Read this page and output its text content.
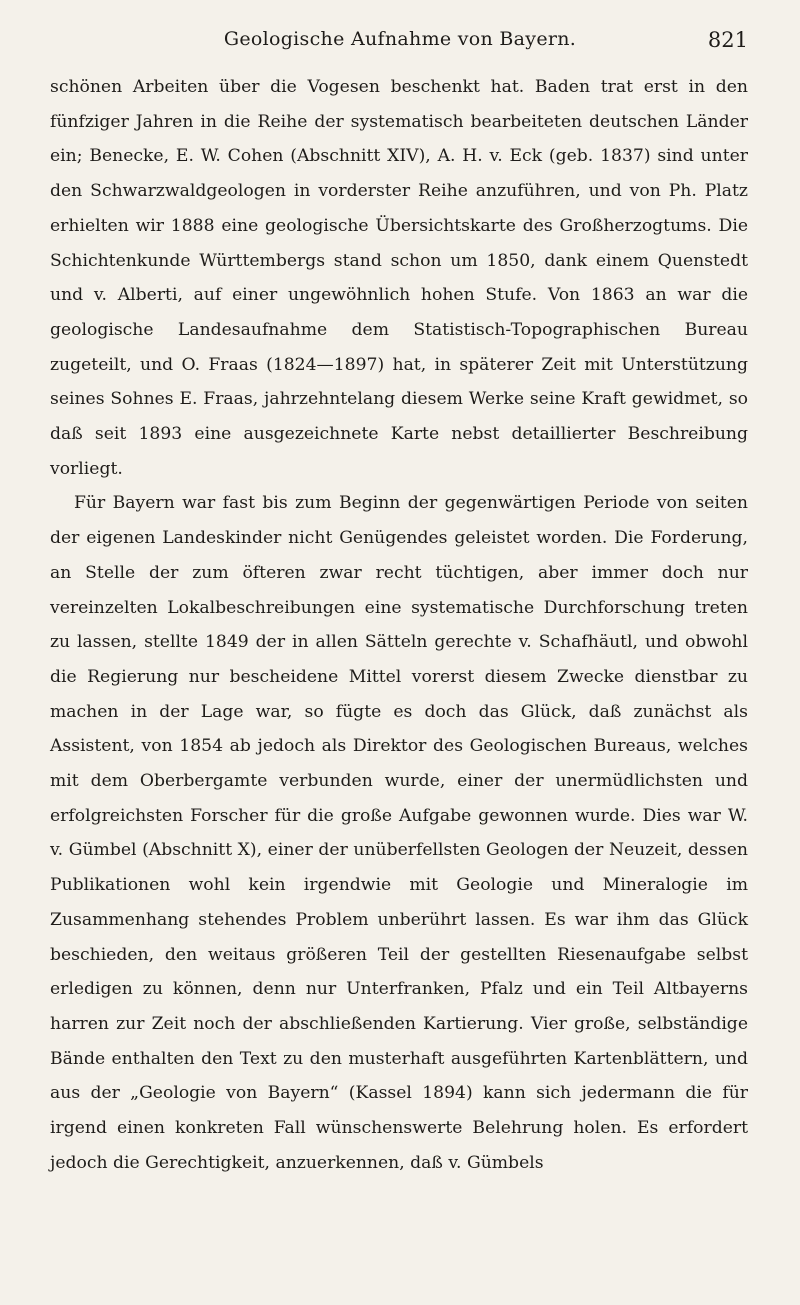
Geologische Aufnahme von Bayern.	821

schönen Arbeiten über die Vogesen beschenkt hat. Baden trat erst in den fünfziger Jahren in die Reihe der systematisch bearbeiteten deutschen Länder ein; Benecke, E. W. Cohen (Abschnitt XIV), A. H. v. Eck (geb. 1837) sind unter den Schwarzwaldgeologen in vorderster Reihe anzuführen, und von Ph. Platz erhielten wir 1888 eine geologische Übersichtskarte des Großherzogtums. Die Schichtenkunde Württembergs stand schon um 1850, dank einem Quenstedt und v. Alberti, auf einer ungewöhnlich hohen Stufe. Von 1863 an war die geologische Landesaufnahme dem Statistisch-Topographischen Bureau zugeteilt, und O. Fraas (1824—1897) hat, in späterer Zeit mit Unterstützung seines Sohnes E. Fraas, jahrzehntelang diesem Werke seine Kraft gewidmet, so daß seit 1893 eine ausgezeichnete Karte nebst detaillierter Beschreibung vorliegt.

Für Bayern war fast bis zum Beginn der gegenwärtigen Periode von seiten der eigenen Landeskinder nicht Genügendes geleistet worden. Die Forderung, an Stelle der zum öfteren zwar recht tüchtigen, aber immer doch nur vereinzelten Lokalbeschreibungen eine systematische Durchforschung treten zu lassen, stellte 1849 der in allen Sätteln gerechte v. Schafhäutl, und obwohl die Regierung nur bescheidene Mittel vorerst diesem Zwecke dienstbar zu machen in der Lage war, so fügte es doch das Glück, daß zunächst als Assistent, von 1854 ab jedoch als Direktor des Geologischen Bureaus, welches mit dem Oberbergamte verbunden wurde, einer der unermüdlichsten und erfolgreichsten Forscher für die große Aufgabe gewonnen wurde. Dies war W. v. Gümbel (Abschnitt X), einer der unüberfellsten Geologen der Neuzeit, dessen Publikationen wohl kein irgendwie mit Geologie und Mineralogie im Zusammenhang stehendes Problem unberührt lassen. Es war ihm das Glück beschieden, den weitaus größeren Teil der gestellten Riesenaufgabe selbst erledigen zu können, denn nur Unterfranken, Pfalz und ein Teil Altbayerns harren zur Zeit noch der abschließenden Kartierung. Vier große, selbständige Bände enthalten den Text zu den musterhaft ausgeführten Kartenblättern, und aus der „Geologie von Bayern“ (Kassel 1894) kann sich jedermann die für irgend einen konkreten Fall wünschenswerte Belehrung holen. Es erfordert jedoch die Gerechtigkeit, anzuerkennen, daß v. Gümbels
